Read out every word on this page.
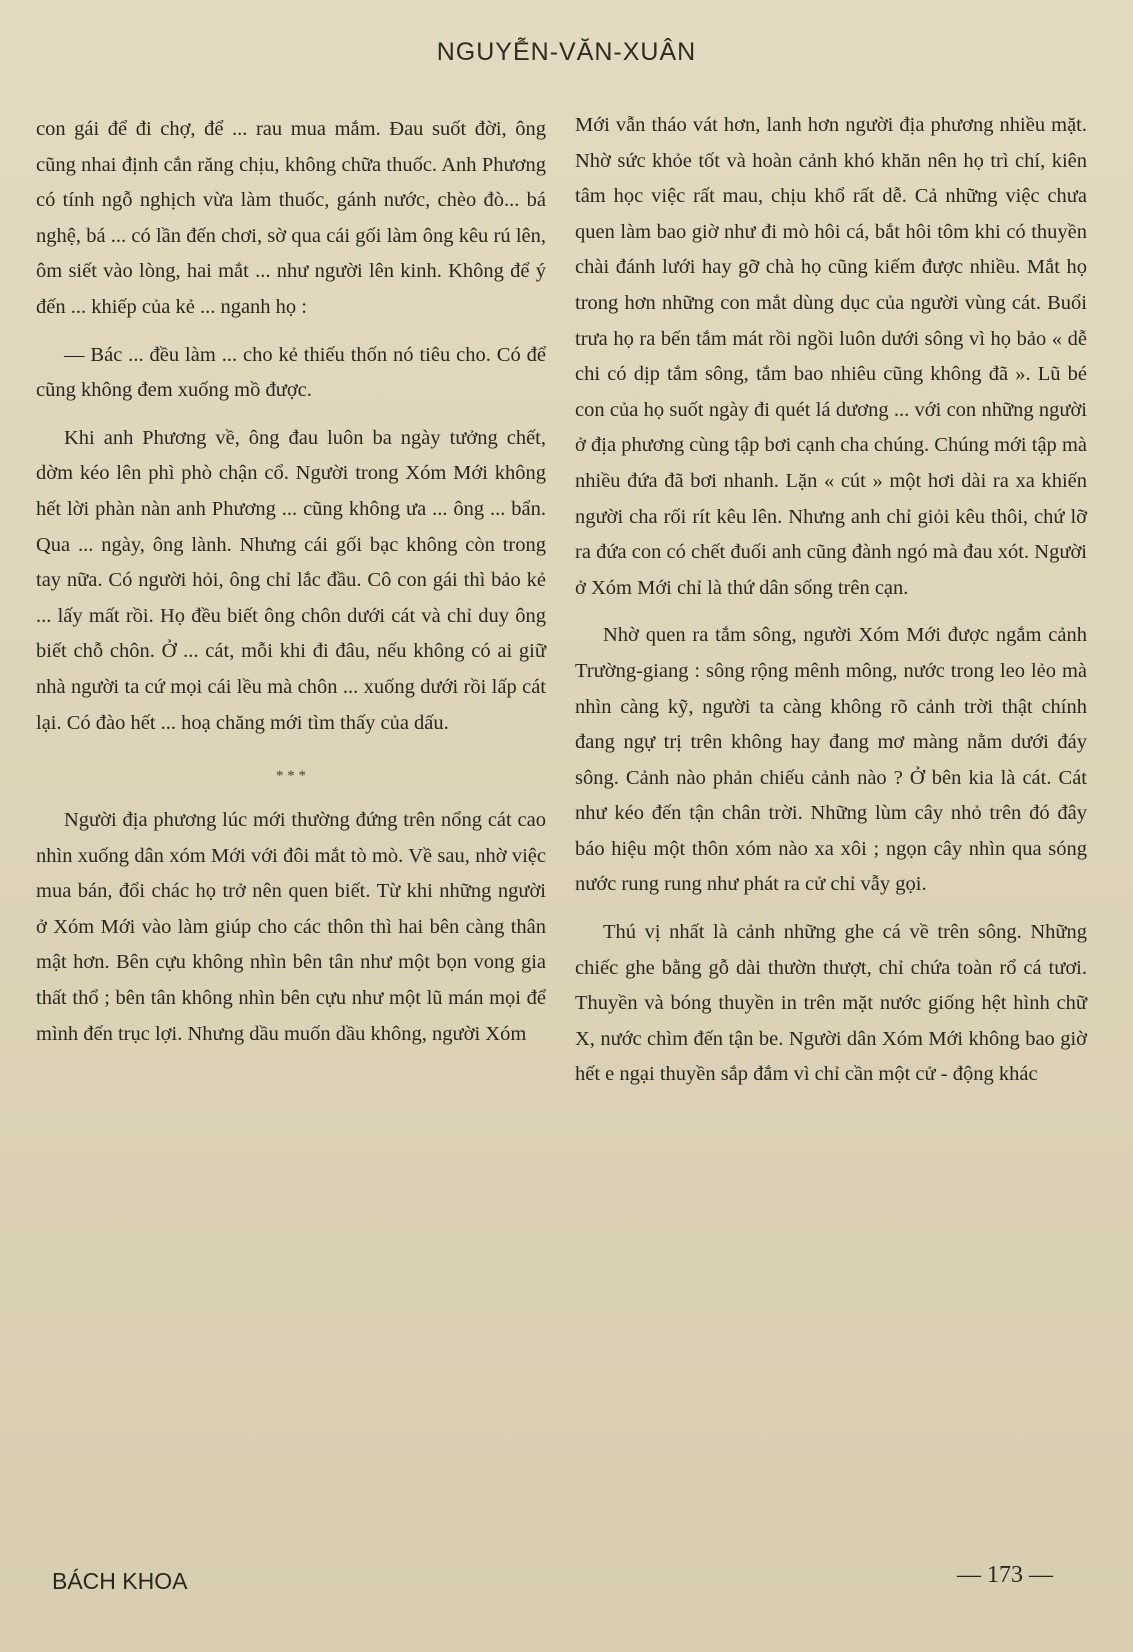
NGUYỄN-VĂN-XUÂN

con gái để đi chợ, để ... rau mua mắm. Đau suốt đời, ông cũng nhai định cắn răng chịu, không chữa thuốc. Anh Phương có tính ngỗ nghịch vừa làm thuốc, gánh nước, chèo đò... bá nghệ, bá ... có lần đến chơi, sờ qua cái gối làm ông kêu rú lên, ôm siết vào lòng, hai mắt ... như người lên kinh. Không để ý đến ... khiếp của kẻ ... nganh họ :

— Bác ... đều làm ... cho kẻ thiếu thốn nó tiêu cho. Có để cũng không đem xuống mồ được.

Khi anh Phương về, ông đau luôn ba ngày tưởng chết, dờm kéo lên phì phò chận cổ. Người trong Xóm Mới không hết lời phàn nàn anh Phương ... cũng không ưa ... ông ... bẩn. Qua ... ngày, ông lành. Nhưng cái gối bạc không còn trong tay nữa. Có người hỏi, ông chỉ lắc đầu. Cô con gái thì bảo kẻ ... lấy mất rồi. Họ đều biết ông chôn dưới cát và chỉ duy ông biết chỗ chôn. Ở ... cát, mỗi khi đi đâu, nếu không có ai giữ nhà người ta cứ mọi cái lều mà chôn ... xuống dưới rồi lấp cát lại. Có đào hết ... hoạ chăng mới tìm thấy của dấu.

* * *

Người địa phương lúc mới thường đứng trên nổng cát cao nhìn xuống dân xóm Mới với đôi mắt tò mò. Về sau, nhờ việc mua bán, đổi chác họ trở nên quen biết. Từ khi những người ở Xóm Mới vào làm giúp cho các thôn thì hai bên càng thân mật hơn. Bên cựu không nhìn bên tân như một bọn vong gia thất thổ ; bên tân không nhìn bên cựu như một lũ mán mọi để mình đến trục lợi. Nhưng dầu muốn dầu không, người Xóm

Mới vẫn tháo vát hơn, lanh hơn người địa phương nhiều mặt. Nhờ sức khỏe tốt và hoàn cảnh khó khăn nên họ trì chí, kiên tâm học việc rất mau, chịu khổ rất dễ. Cả những việc chưa quen làm bao giờ như đi mò hôi cá, bắt hôi tôm khi có thuyền chài đánh lưới hay gỡ chà họ cũng kiếm được nhiều. Mắt họ trong hơn những con mắt dùng dục của người vùng cát. Buổi trưa họ ra bến tắm mát rồi ngồi luôn dưới sông vì họ bảo « dễ chi có dịp tắm sông, tắm bao nhiêu cũng không đã ». Lũ bé con của họ suốt ngày đi quét lá dương ... với con những người ở địa phương cùng tập bơi cạnh cha chúng. Chúng mới tập mà nhiều đứa đã bơi nhanh. Lặn « cút » một hơi dài ra xa khiến người cha rối rít kêu lên. Nhưng anh chỉ giỏi kêu thôi, chứ lỡ ra đứa con có chết đuối anh cũng đành ngó mà đau xót. Người ở Xóm Mới chỉ là thứ dân sống trên cạn.

Nhờ quen ra tắm sông, người Xóm Mới được ngắm cảnh Trường-giang : sông rộng mênh mông, nước trong leo lẻo mà nhìn càng kỹ, người ta càng không rõ cảnh trời thật chính đang ngự trị trên không hay đang mơ màng nằm dưới đáy sông. Cảnh nào phản chiếu cảnh nào ? Ở bên kia là cát. Cát như kéo đến tận chân trời. Những lùm cây nhỏ trên đó đây báo hiệu một thôn xóm nào xa xôi ; ngọn cây nhìn qua sóng nước rung rung như phát ra cử chỉ vẫy gọi.

Thú vị nhất là cảnh những ghe cá về trên sông. Những chiếc ghe bằng gỗ dài thườn thượt, chỉ chứa toàn rổ cá tươi. Thuyền và bóng thuyền in trên mặt nước giống hệt hình chữ X, nước chìm đến tận be. Người dân Xóm Mới không bao giờ hết e ngại thuyền sắp đắm vì chỉ cần một cử - động khác

BÁCH KHOA	— 173 —
